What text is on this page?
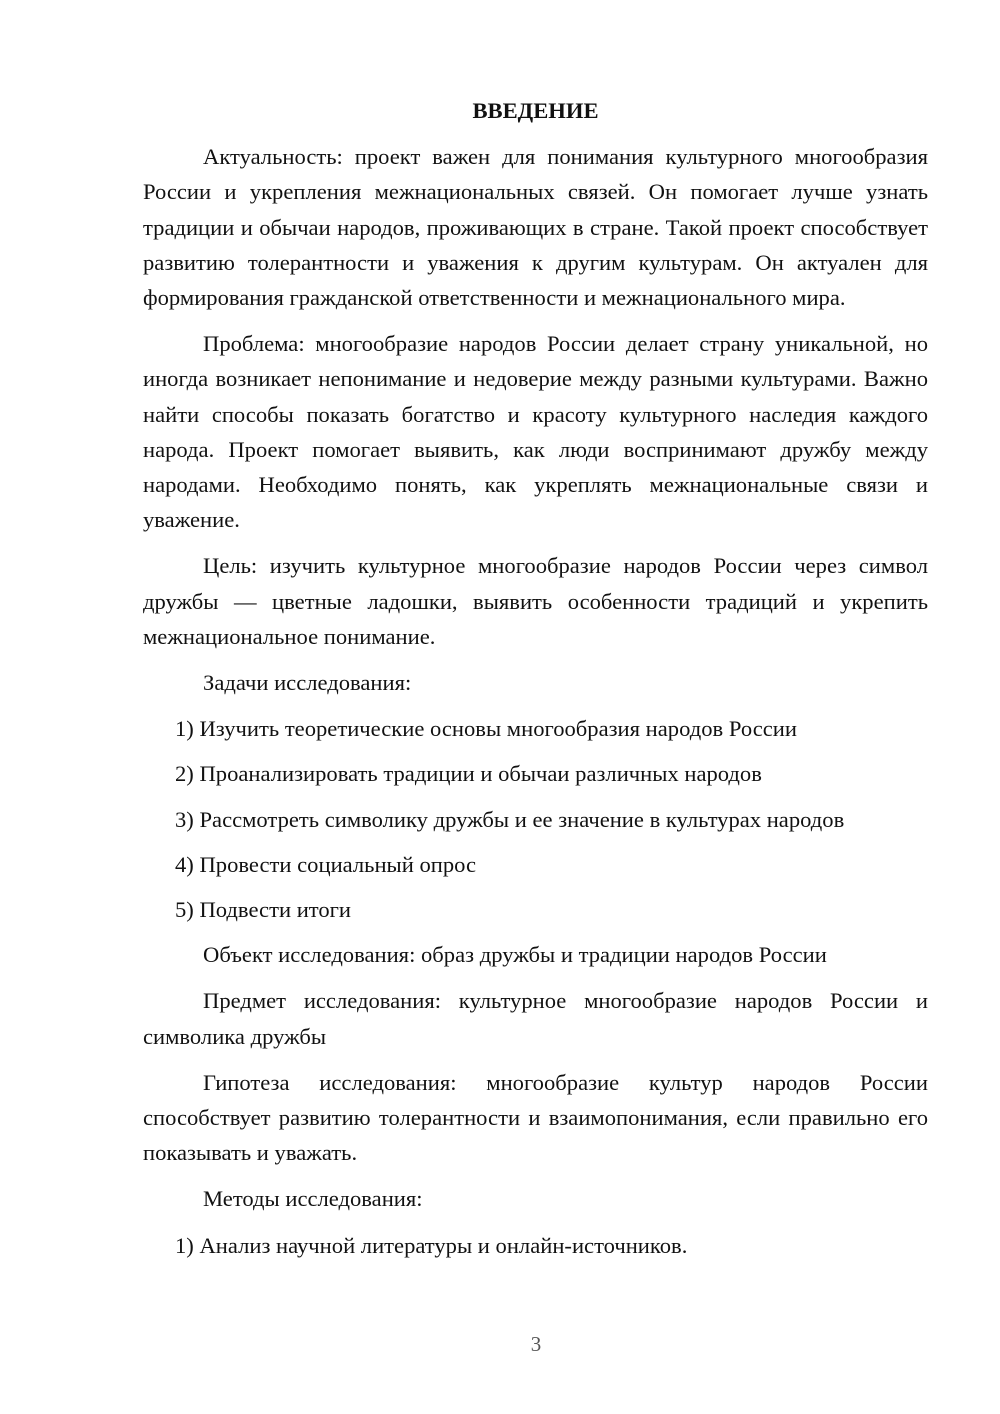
ВВЕДЕНИЕ
Актуальность: проект важен для понимания культурного многообразия России и укрепления межнациональных связей. Он помогает лучше узнать традиции и обычаи народов, проживающих в стране. Такой проект способствует развитию толерантности и уважения к другим культурам. Он актуален для формирования гражданской ответственности и межнационального мира.
Проблема: многообразие народов России делает страну уникальной, но иногда возникает непонимание и недоверие между разными культурами. Важно найти способы показать богатство и красоту культурного наследия каждого народа. Проект помогает выявить, как люди воспринимают дружбу между народами. Необходимо понять, как укреплять межнациональные связи и уважение.
Цель: изучить культурное многообразие народов России через символ дружбы — цветные ладошки, выявить особенности традиций и укрепить межнациональное понимание.
Задачи исследования:
1) Изучить теоретические основы многообразия народов России
2) Проанализировать традиции и обычаи различных народов
3) Рассмотреть символику дружбы и ее значение в культурах народов
4) Провести социальный опрос
5) Подвести итоги
Объект исследования: образ дружбы и традиции народов России
Предмет исследования: культурное многообразие народов России и символика дружбы
Гипотеза исследования: многообразие культур народов России способствует развитию толерантности и взаимопонимания, если правильно его показывать и уважать.
Методы исследования:
1) Анализ научной литературы и онлайн-источников.
3
